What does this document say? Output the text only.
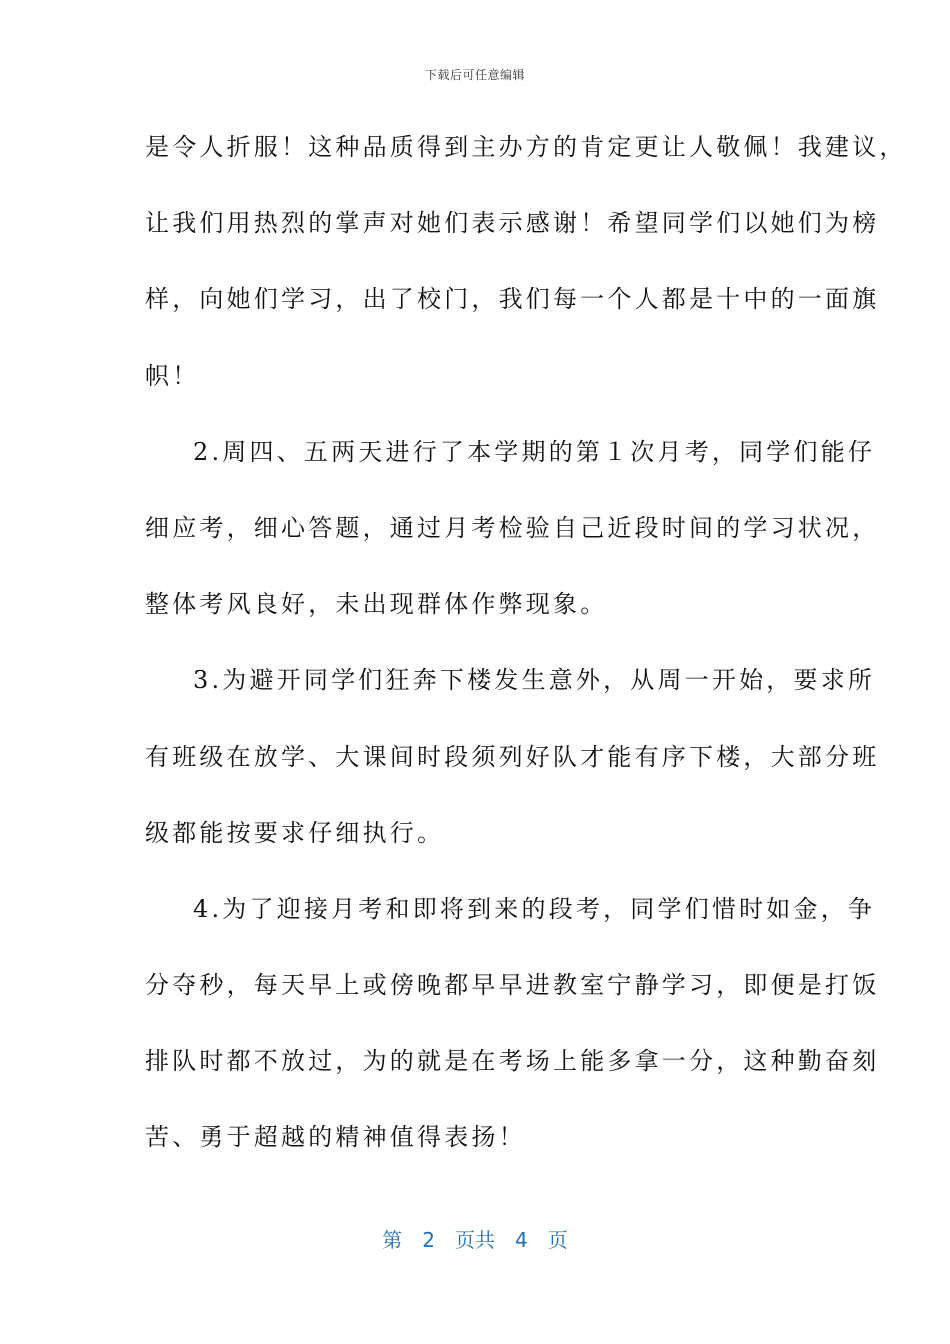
下载后可任意编辑
是令人折服！这种品质得到主办方的肯定更让人敬佩！我建议，
让我们用热烈的掌声对她们表示感谢！希望同学们以她们为榜
样，向她们学习，出了校门，我们每一个人都是十中的一面旗
帜！
2.周四、五两天进行了本学期的第１次月考，同学们能仔
细应考，细心答题，通过月考检验自己近段时间的学习状况，
整体考风良好，未出现群体作弊现象。
3.为避开同学们狂奔下楼发生意外，从周一开始，要求所
有班级在放学、大课间时段须列好队才能有序下楼，大部分班
级都能按要求仔细执行。
4.为了迎接月考和即将到来的段考，同学们惜时如金，争
分夺秒，每天早上或傍晚都早早进教室宁静学习，即便是打饭
排队时都不放过，为的就是在考场上能多拿一分，这种勤奋刻
苦、勇于超越的精神值得表扬！
第 2 页共 4 页
